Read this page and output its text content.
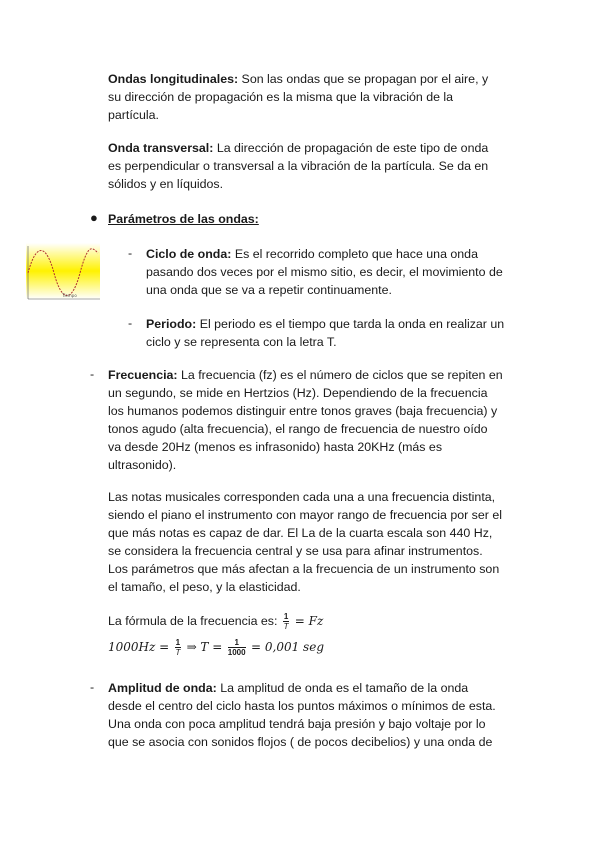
Ondas longitudinales: Son las ondas que se propagan por el aire, y
su dirección de propagación es la misma que la vibración de la
partícula.
Onda transversal: La dirección de propagación de este tipo de onda
es perpendicular o transversal a la vibración de la partícula. Se da en
sólidos y en líquidos.
● Parámetros de las ondas:
Tiempo
- Ciclo de onda: Es el recorrido completo que hace una onda
pasando dos veces por el mismo sitio, es decir, el movimiento de
una onda que se va a repetir continuamente.
- Periodo: El periodo es el tiempo que tarda la onda en realizar un
ciclo y se representa con la letra T.
- Frecuencia: La frecuencia (fz) es el número de ciclos que se repiten en
un segundo, se mide en Hertzios (Hz). Dependiendo de la frecuencia
los humanos podemos distinguir entre tonos graves (baja frecuencia) y
tonos agudo (alta frecuencia), el rango de frecuencia de nuestro oído
va desde 20Hz (menos es infrasonido) hasta 20KHz (más es
ultrasonido).
Las notas musicales corresponden cada una a una frecuencia distinta,
siendo el piano el instrumento con mayor rango de frecuencia por ser el
que más notas es capaz de dar. El La de la cuarta escala son 440 Hz,
se considera la frecuencia central y se usa para afinar instrumentos.
Los parámetros que más afectan a la frecuencia de un instrumento son
el tamaño, el peso, y la elasticidad.
La fórmula de la frecuencia es: $\frac{1}{T} = Fz$
$1000Hz = \frac{1}{T}$ ⇒ $T = \frac{1}{1000} = 0,001$ seg
- Amplitud de onda: La amplitud de onda es el tamaño de la onda
desde el centro del ciclo hasta los puntos máximos o mínimos de esta.
Una onda con poca amplitud tendrá baja presión y bajo voltaje por lo
que se asocia con sonidos flojos ( de pocos decibelios) y una onda de
